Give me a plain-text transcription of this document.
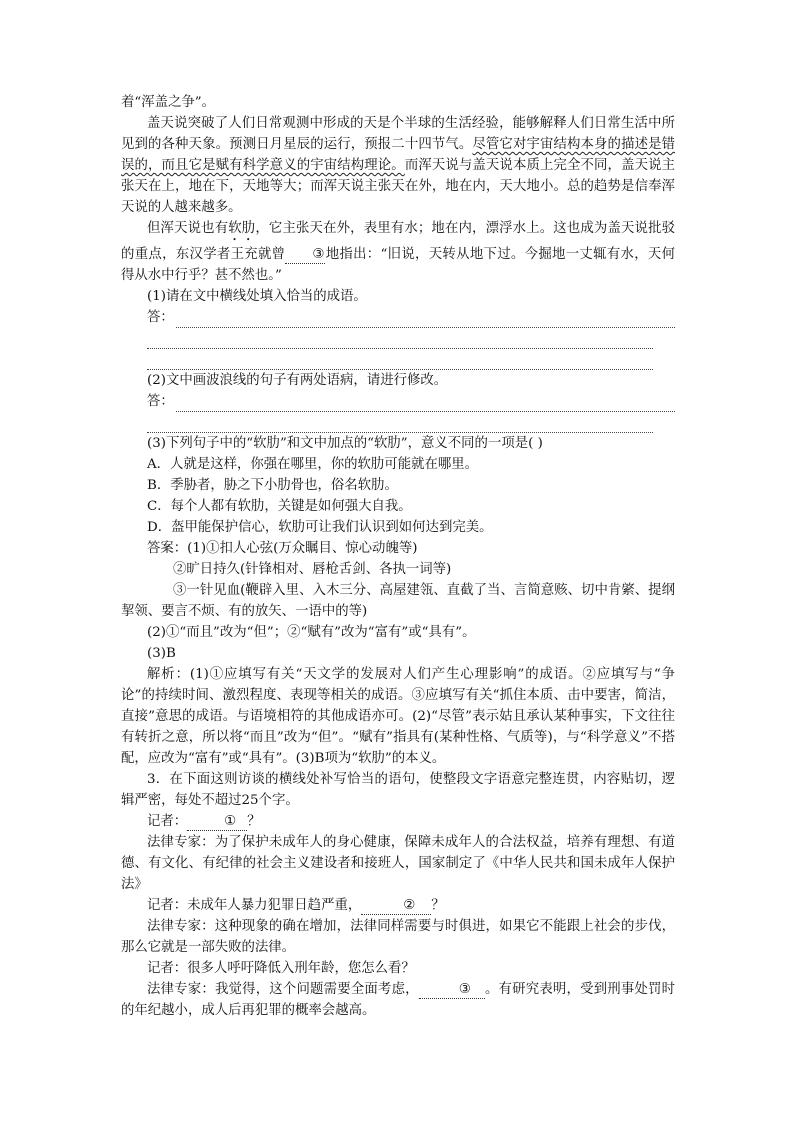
着“浑盖之争”。

盖天说突破了人们日常观测中形成的天是个半球的生活经验，能够解释人们日常生活中所见到的各种天象。预测日月星辰的运行，预报二十四节气。尽管它对宇宙结构本身的描述是错误的，而且它是赋有科学意义的宇宙结构理论。而浑天说与盖天说本质上完全不同，盖天说主张天在上，地在下，天地等大；而浑天说主张天在外，地在内，天大地小。总的趋势是信奉浑天说的人越来越多。

但浑天说也有软肋，它主张天在外，表里有水；地在内，漂浮水上。这也成为盖天说批驳的重点，东汉学者王充就曾 ③地指出：“旧说，天转从地下过。今掘地一丈辄有水，天何得从水中行乎？甚不然也。”

(1)请在文中横线处填入恰当的成语。

答：

(2)文中画波浪线的句子有两处语病，请进行修改。

答：

(3)下列句子中的“软肋”和文中加点的“软肋”，意义不同的一项是( )

A．人就是这样，你强在哪里，你的软肋可能就在哪里。

B．季胁者，胁之下小肋骨也，俗名软肋。

C．每个人都有软肋，关键是如何强大自我。

D．盔甲能保护信心，软肋可让我们认识到如何达到完美。

答案：(1)①扣人心弦(万众瞩目、惊心动魄等)

②旷日持久(针锋相对、唇枪舌剑、各执一词等)

③一针见血(鞭辟入里、入木三分、高屋建瓴、直截了当、言简意赅、切中肯綮、提纲挈领、要言不烦、有的放矢、一语中的等)

(2)①“而且”改为“但”；②“赋有”改为“富有”或“具有”。

(3)B

解析：(1)①应填写有关“天文学的发展对人们产生心理影响”的成语。②应填写与“争论”的持续时间、激烈程度、表现等相关的成语。③应填写有关“抓住本质、击中要害，简洁，直接”意思的成语。与语境相符的其他成语亦可。(2)“尽管”表示姑且承认某种事实，下文往往有转折之意，所以将“而且”改为“但”。“赋有”指具有(某种性格、气质等)，与“科学意义”不搭配，应改为“富有”或“具有”。(3)B项为“软肋”的本义。

3．在下面这则访谈的横线处补写恰当的语句，使整段文字语意完整连贯，内容贴切，逻辑严密，每处不超过25个字。

记者：	① ？

法律专家：为了保护未成年人的身心健康，保障未成年人的合法权益，培养有理想、有道德、有文化、有纪律的社会主义建设者和接班人，国家制定了《中华人民共和国未成年人保护法》

记者：未成年人暴力犯罪日趋严重，	② ？

法律专家：这种现象的确在增加，法律同样需要与时俱进，如果它不能跟上社会的步伐，那么它就是一部失败的法律。

记者：很多人呼吁降低入刑年龄，您怎么看？

法律专家：我觉得，这个问题需要全面考虑，	③ 。有研究表明，受到刑事处罚时的年纪越小，成人后再犯罪的概率会越高。
